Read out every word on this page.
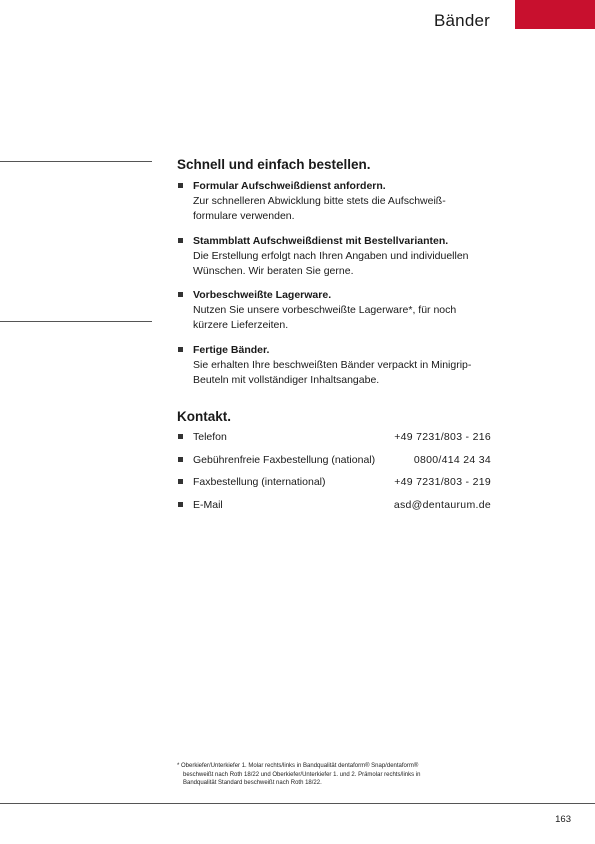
Bänder
Schnell und einfach bestellen.
Formular Aufschweißdienst anfordern.
Zur schnelleren Abwicklung bitte stets die Aufschweiß-
formulare verwenden.
Stammblatt Aufschweißdienst mit Bestellvarianten.
Die Erstellung erfolgt nach Ihren Angaben und individuellen
Wünschen. Wir beraten Sie gerne.
Vorbeschweißte Lagerware.
Nutzen Sie unsere vorbeschweißte Lagerware*, für noch
kürzere Lieferzeiten.
Fertige Bänder.
Sie erhalten Ihre beschweißten Bänder verpackt in Minigrip-
Beuteln mit vollständiger Inhaltsangabe.
Kontakt.
Telefon	+49 7231/803 - 216
Gebührenfreie Faxbestellung (national)	0800/414 24 34
Faxbestellung (international)	+49 7231/803 - 219
E-Mail	asd@dentaurum.de
* Oberkiefer/Unterkiefer 1. Molar rechts/links in Bandqualität dentaform® Snap/dentaform®
beschweißt nach Roth 18/22 und Oberkiefer/Unterkiefer 1. und 2. Prämolar rechts/links in
Bandqualität Standard beschweißt nach Roth 18/22.
163
